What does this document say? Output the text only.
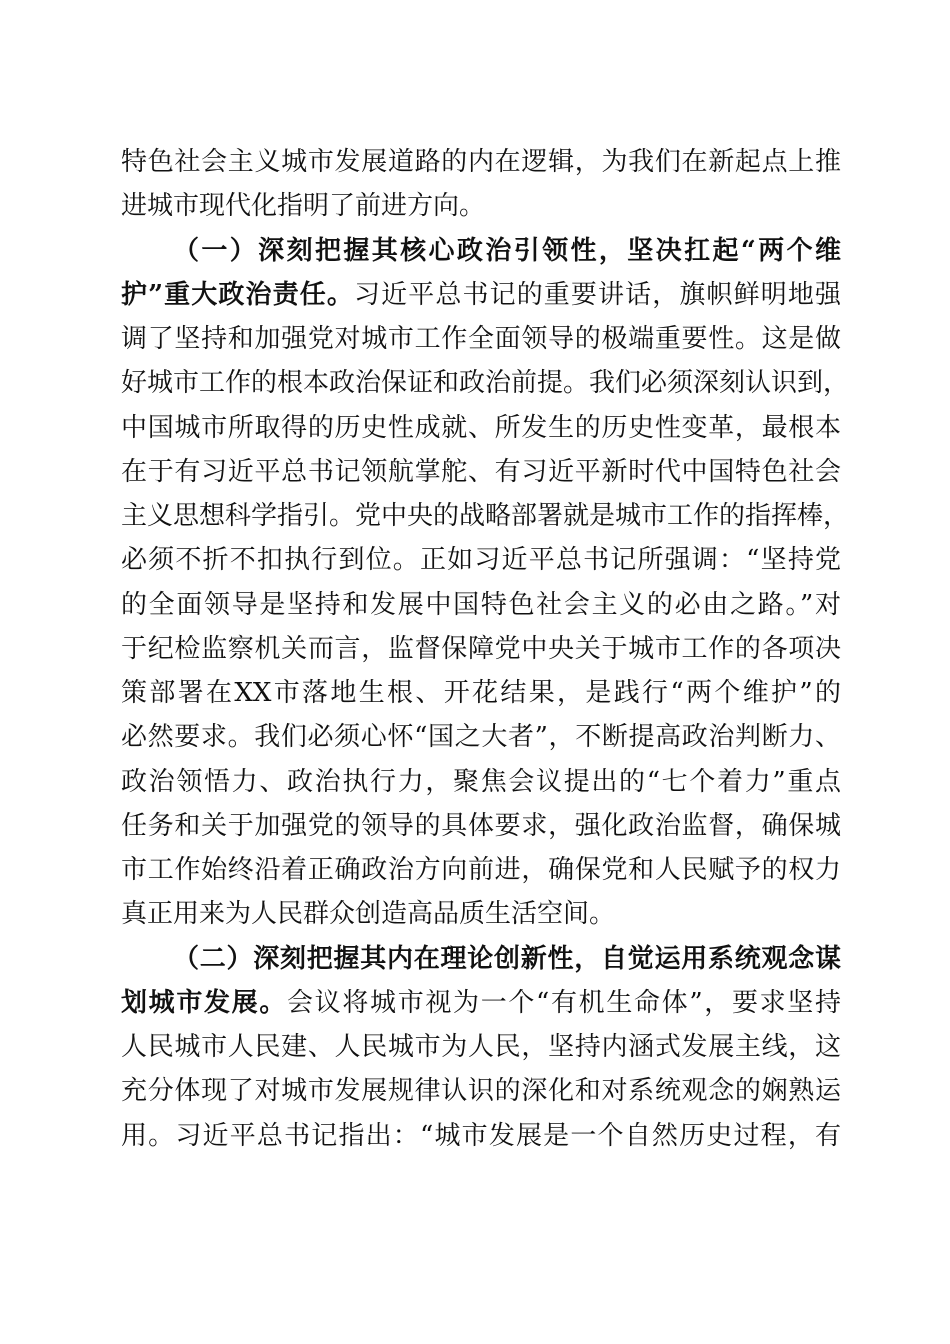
特色社会主义城市发展道路的内在逻辑，为我们在新起点上推
进城市现代化指明了前进方向。
（一）深刻把握其核心政治引领性，坚决扛起“两个维
护”重大政治责任。习近平总书记的重要讲话，旗帜鲜明地强
调了坚持和加强党对城市工作全面领导的极端重要性。这是做
好城市工作的根本政治保证和政治前提。我们必须深刻认识到，
中国城市所取得的历史性成就、所发生的历史性变革，最根本
在于有习近平总书记领航掌舵、有习近平新时代中国特色社会
主义思想科学指引。党中央的战略部署就是城市工作的指挥棒，
必须不折不扣执行到位。正如习近平总书记所强调：“坚持党
的全面领导是坚持和发展中国特色社会主义的必由之路。”对
于纪检监察机关而言，监督保障党中央关于城市工作的各项决
策部署在XX市落地生根、开花结果，是践行“两个维护”的
必然要求。我们必须心怀“国之大者”，不断提高政治判断力、
政治领悟力、政治执行力，聚焦会议提出的“七个着力”重点
任务和关于加强党的领导的具体要求，强化政治监督，确保城
市工作始终沿着正确政治方向前进，确保党和人民赋予的权力
真正用来为人民群众创造高品质生活空间。
（二）深刻把握其内在理论创新性，自觉运用系统观念谋
划城市发展。会议将城市视为一个“有机生命体”，要求坚持
人民城市人民建、人民城市为人民，坚持内涵式发展主线，这
充分体现了对城市发展规律认识的深化和对系统观念的娴熟运
用。习近平总书记指出：“城市发展是一个自然历史过程，有
